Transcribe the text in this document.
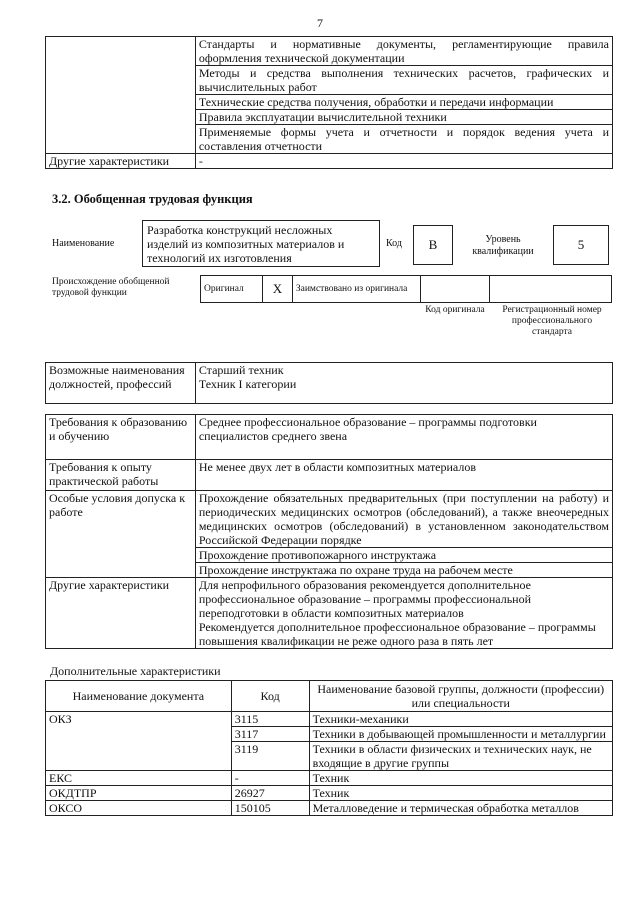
7
	Стандарты и нормативные документы, регламентирующие правила оформления технической документации
	Методы и средства выполнения технических расчетов, графических и вычислительных работ
	Технические средства получения, обработки и передачи информации
	Правила эксплуатации вычислительной техники
	Применяемые формы учета и отчетности и порядок ведения учета и составления отчетности
Другие характеристики	-
3.2. Обобщенная трудовая функция
Наименование
Разработка конструкций несложных изделий из композитных материалов и технологий их изготовления
Код	В	Уровень квалификации	5
Происхождение обобщенной трудовой функции	Оригинал	Х	Заимствовано из оригинала		
Код оригинала	Регистрационный номер профессионального стандарта
Возможные наименования должностей, профессий	
Старший техник
Техник I категории
Требования к образованию и обучению	Среднее профессиональное образование – программы подготовки специалистов среднего звена
Требования к опыту практической работы	Не менее двух лет в области композитных материалов
Особые условия допуска к работе	Прохождение обязательных предварительных (при поступлении на работу) и периодических медицинских осмотров (обследований), а также внеочередных медицинских осмотров (обследований) в установленном законодательством Российской Федерации порядке
	Прохождение противопожарного инструктажа
	Прохождение инструктажа по охране труда на рабочем месте
Другие характеристики	Для непрофильного образования рекомендуется дополнительное профессиональное образование – программы профессиональной переподготовки в области композитных материалов
Рекомендуется дополнительное профессиональное образование – программы повышения квалификации не реже одного раза в пять лет
Дополнительные характеристики
Наименование документа	Код	Наименование базовой группы, должности (профессии) или специальности
ОКЗ	3115	Техники-механики
	3117	Техники в добывающей промышленности и металлургии
	3119	Техники в области физических и технических наук, не входящие в другие группы
ЕКС	-	Техник
ОКДТПР	26927	Техник
ОКСО	150105	Металловедение и термическая обработка металлов
